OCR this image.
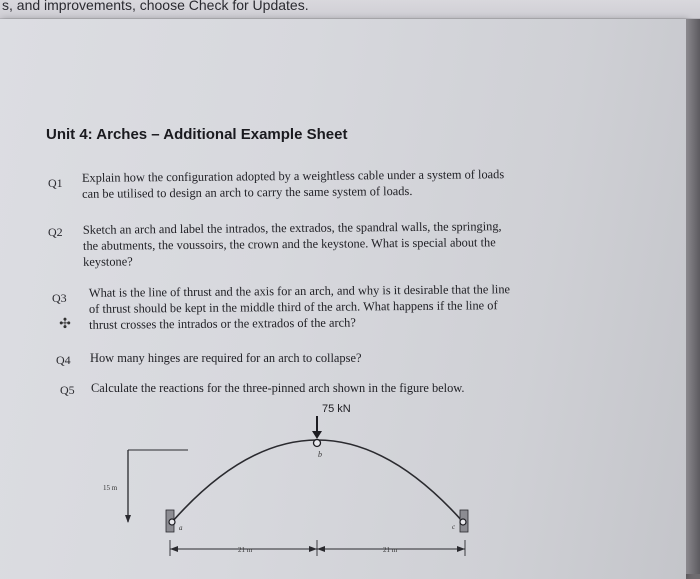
s, and improvements, choose Check for Updates.
Unit 4: Arches – Additional Example Sheet
Q1 Explain how the configuration adopted by a weightless cable under a system of loads
can be utilised to design an arch to carry the same system of loads.
Q2 Sketch an arch and label the intrados, the extrados, the spandral walls, the springing,
the abutments, the voussoirs, the crown and the keystone. What is special about the
keystone?
Q3
✣
What is the line of thrust and the axis for an arch, and why is it desirable that the line
of thrust should be kept in the middle third of the arch. What happens if the line of
thrust crosses the intrados or the extrados of the arch?
Q4 How many hinges are required for an arch to collapse?
Q5 Calculate the reactions for the three-pinned arch shown in the figure below.
75 kN
b
15 m
a	c
21 m	21 m
